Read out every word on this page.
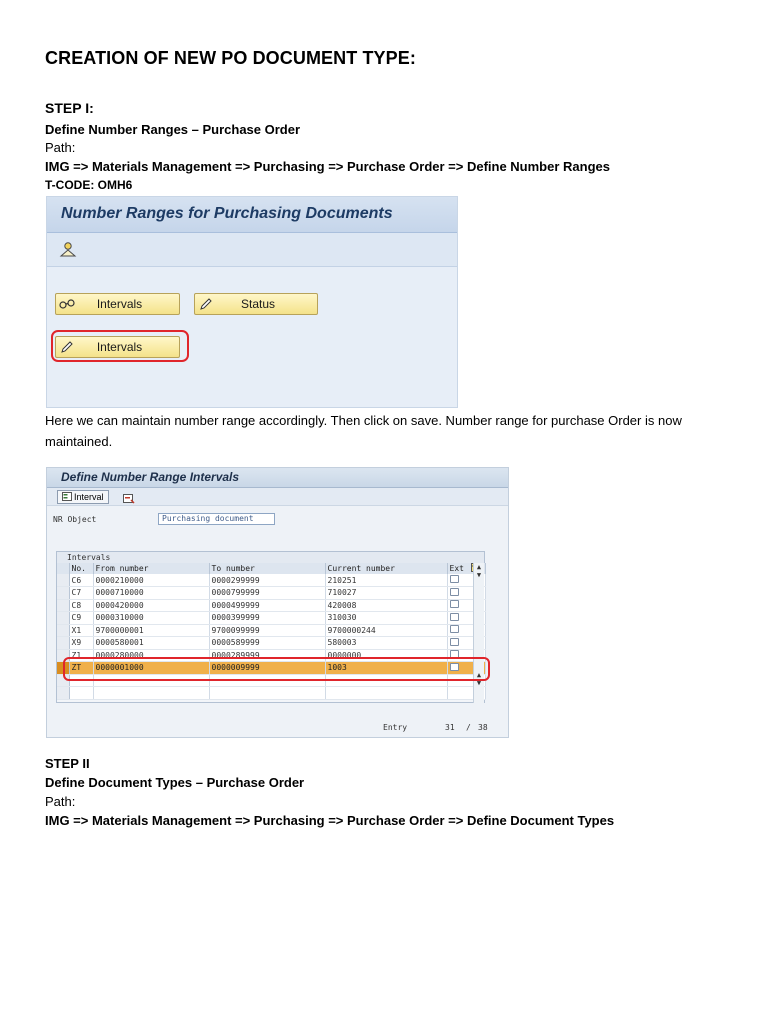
CREATION OF NEW PO DOCUMENT TYPE:
STEP I:
Define Number Ranges – Purchase Order
Path:
IMG => Materials Management => Purchasing => Purchase Order => Define Number Ranges
T-CODE: OMH6
Number Ranges for Purchasing Documents
Intervals	Status
Intervals
Here we can maintain number range accordingly. Then click on save. Number range for purchase Order is now maintained.
Define Number Range Intervals
Interval
NR Object	Purchasing document
Intervals
	No.	From number	To number	Current number	Ext
	C6	0000210000	0000299999	210251	
	C7	0000710000	0000799999	710027	
	C8	0000420000	0000499999	420008	
	C9	0000310000	0000399999	310030	
	X1	9700000001	9700099999	9700000244	
	X9	0000580001	0000589999	580003	
	Z1	0000280000	0000289999	0000000	
	ZT	0000001000	0000009999	1003	

▲
▼
▲
▼
Entry	31 / 38
STEP II
Define Document Types – Purchase Order
Path:
IMG => Materials Management => Purchasing => Purchase Order => Define Document Types
